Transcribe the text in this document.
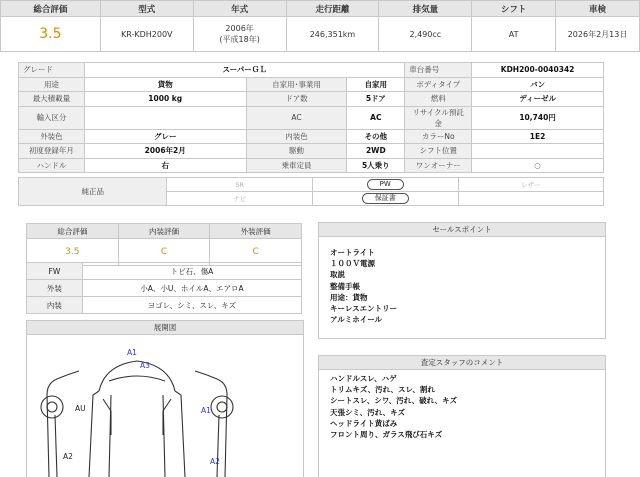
総合評価	型式	年式	走行距離	排気量	シフト	車検
3.5	KR-KDH200V	2006年
(平成18年)	246,351km	2,490cc	AT	2026年2月13日
グレード	スーパーＧＬ			車台番号	KDH200-0040342
用途	貨物	自家用･事業用	自家用	ボディタイプ	バン
最大積載量	1000 kg	ドア数	5ドア	燃料	ディーゼル
輸入区分		AC	AC	リサイクル預託金	10,740円
外装色	グレー	内装色	その他	カラーNo	1E2
初度登録年月	2006年2月	駆動	2WD	シフト位置	
ハンドル	右	乗車定員	5人乗り	ワンオーナー	○
純正品	SR	PW	レザー
	ナビ	保証書	
総合評価	内装評価	外装評価
3.5	C	C
FW	トビ石、傷A
外装	小A、小U、ホイルA、エアロA
内装	ヨゴレ、シミ、スレ、キズ
セールスポイント
オートライト
１００Ｖ電源
取説
整備手帳
用途：貨物
キーレスエントリー
アルミホイール
査定スタッフのコメント
ハンドルスレ、ハゲ
トリムキズ、汚れ、スレ、割れ
シートスレ、シワ、汚れ、破れ、キズ
天張シミ、汚れ、キズ
ヘッドライト黄ばみ
フロント周り、ガラス飛び石キズ
展開図
A1
A3
AU	A1
A2
A2
